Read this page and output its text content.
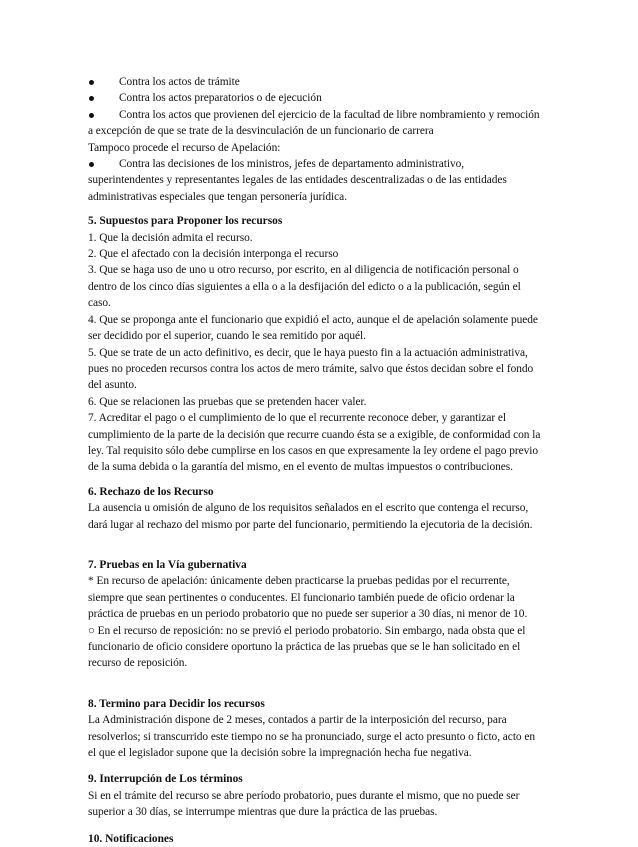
Contra los actos de trámite
Contra los actos preparatorios o de ejecución
Contra los actos que provienen del ejercicio de la facultad de libre nombramiento y remoción
a excepción de que se trate de la desvinculación de un funcionario de carrera
Tampoco procede el recurso de Apelación:
Contra las decisiones de los ministros, jefes de departamento administrativo,
superintendentes y representantes legales de las entidades descentralizadas o de las entidades
administrativas especiales que tengan personería jurídica.
5. Supuestos para Proponer los recursos
1. Que la decisión admita el recurso.
2. Que el afectado con la decisión interponga el recurso
3. Que se haga uso de uno u otro recurso, por escrito, en al diligencia de notificación personal o
dentro de los cinco días siguientes a ella o a la desfijación del edicto o a la publicación, según el
caso.
4. Que se proponga ante el funcionario que expidió el acto, aunque el de apelación solamente puede
ser decidido por el superior, cuando le sea remitido por aquél.
5. Que se trate de un acto definitivo, es decir, que le haya puesto fin a la actuación administrativa,
pues no proceden recursos contra los actos de mero trámite, salvo que éstos decidan sobre el fondo
del asunto.
6. Que se relacionen las pruebas que se pretenden hacer valer.
7. Acreditar el pago o el cumplimiento de lo que el recurrente reconoce deber, y garantizar el
cumplimiento de la parte de la decisión que recurre cuando ésta se a exigible, de conformidad con la
ley. Tal requisito sólo debe cumplirse en los casos en que expresamente la ley ordene el pago previo
de la suma debida o la garantía del mismo, en el evento de multas impuestos o contribuciones.
6. Rechazo de los Recurso
La ausencia u omisión de alguno de los requisitos señalados en el escrito que contenga el recurso,
dará lugar al rechazo del mismo por parte del funcionario, permitiendo la ejecutoria de la decisión.
7. Pruebas en la Vía gubernativa
* En recurso de apelación: únicamente deben practicarse la pruebas pedidas por el recurrente,
siempre que sean pertinentes o conducentes. El funcionario también puede de oficio ordenar la
práctica de pruebas en un periodo probatorio que no puede ser superior a 30 días, ni menor de 10.
○ En el recurso de reposición: no se previó el periodo probatorio. Sin embargo, nada obsta que el
funcionario de oficio considere oportuno la práctica de las pruebas que se le han solicitado en el
recurso de reposición.
8. Termino para Decidir los recursos
La Administración dispone de 2 meses, contados a partir de la interposición del recurso, para
resolverlos; si transcurrido este tiempo no se ha pronunciado, surge el acto presunto o ficto, acto en
el que el legislador supone que la decisión sobre la impregnación hecha fue negativa.
9. Interrupción de Los términos
Si en el trámite del recurso se abre período probatorio, pues durante el mismo, que no puede ser
superior a 30 días, se interrumpe mientras que dure la práctica de las pruebas.
10. Notificaciones
